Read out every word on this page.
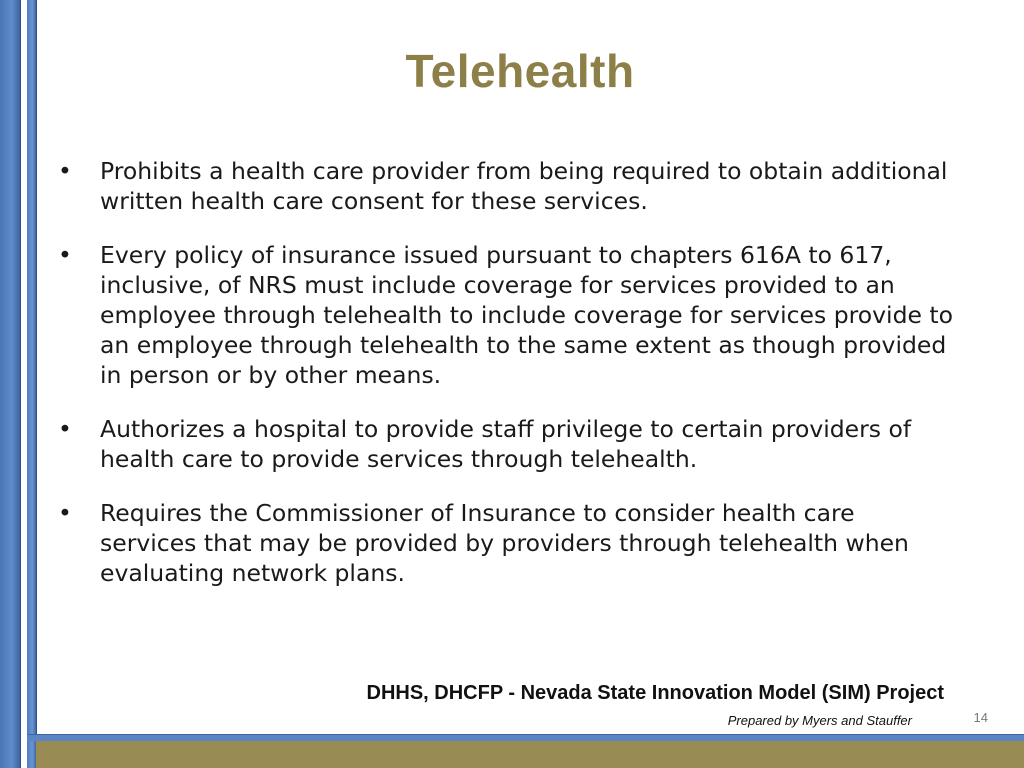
Telehealth
• Prohibits a health care provider from being required to obtain additional written health care consent for these services.
• Every policy of insurance issued pursuant to chapters 616A to 617, inclusive, of NRS must include coverage for services provided to an employee through telehealth to include coverage for services provide to an employee through telehealth to the same extent as though provided in person or by other means.
• Authorizes a hospital to provide staff privilege to certain providers of health care to provide services through telehealth.
• Requires the Commissioner of Insurance to consider health care services that may be provided by providers through telehealth when evaluating network plans.
DHHS, DHCFP - Nevada State Innovation Model (SIM) Project
Prepared by Myers and Stauffer	14
